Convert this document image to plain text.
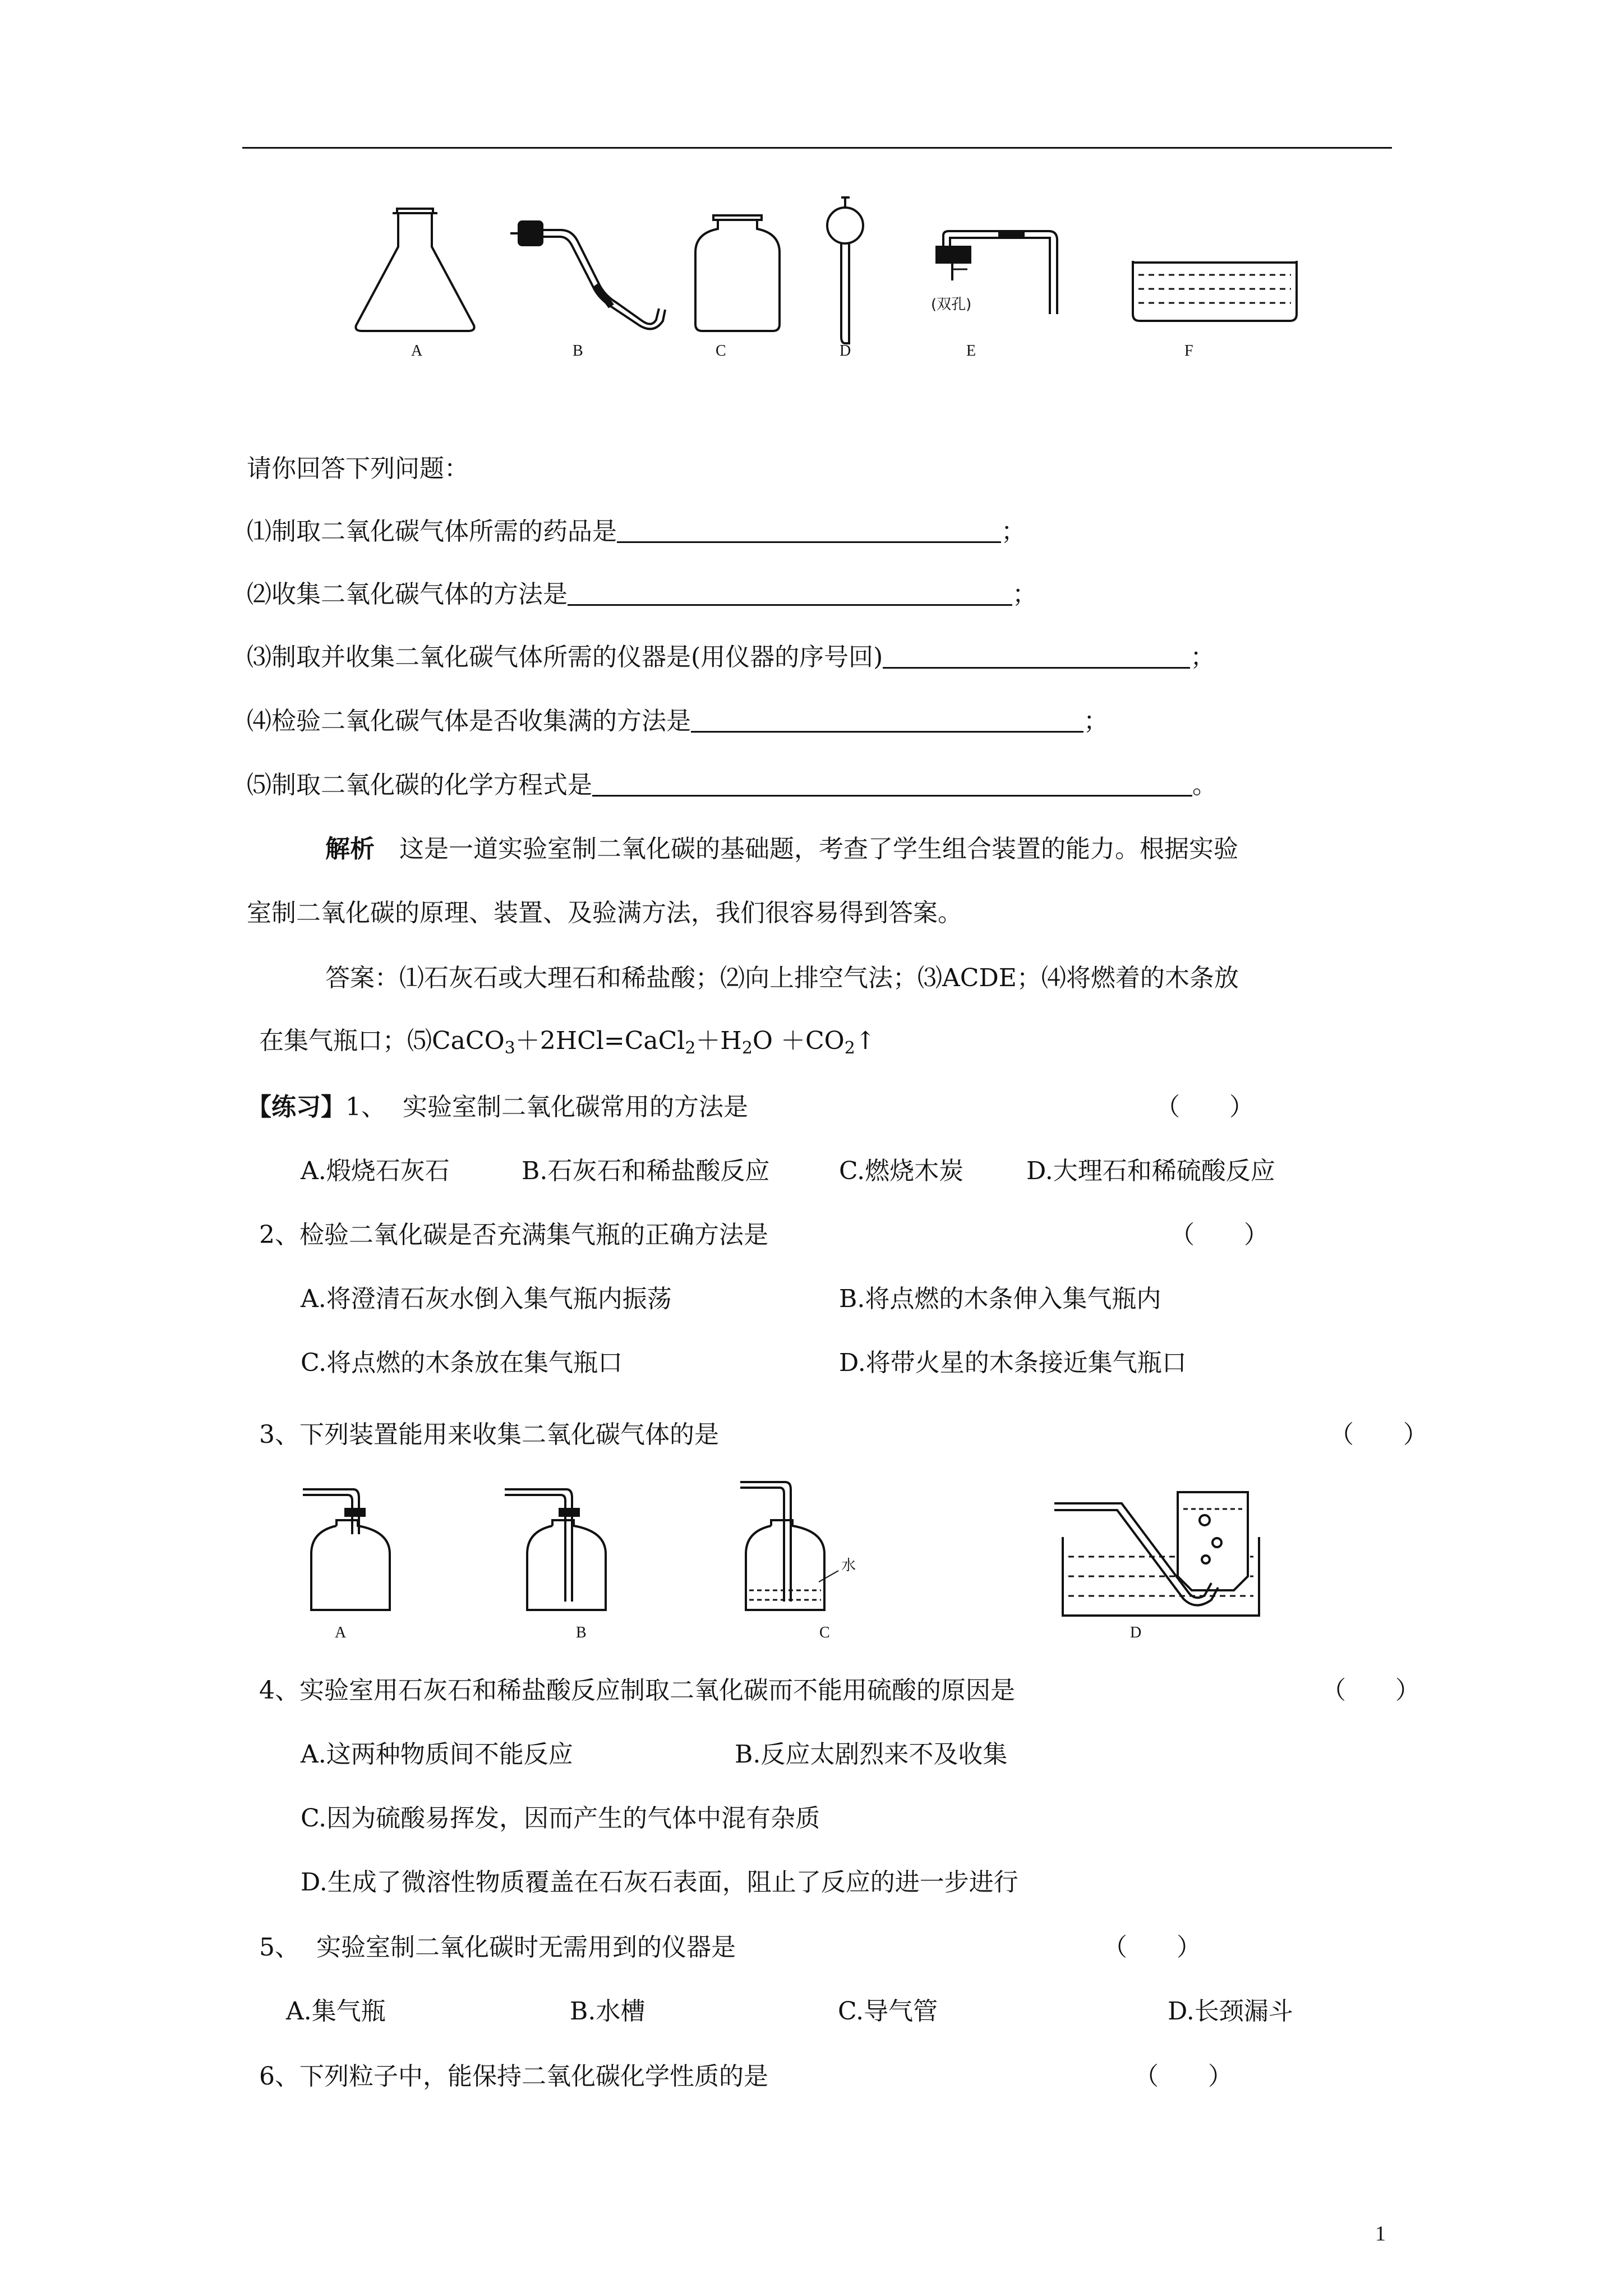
(双孔)
A	B	C	D	E	F
请你回答下列问题：
⑴制取二氧化碳气体所需的药品是	；
⑵收集二氧化碳气体的方法是	；
⑶制取并收集二氧化碳气体所需的仪器是(用仪器的序号回)	；
⑷检验二氧化碳气体是否收集满的方法是	；
⑸制取二氧化碳的化学方程式是	。
解析 这是一道实验室制二氧化碳的基础题，考查了学生组合装置的能力。根据实验
室制二氧化碳的原理、装置、及验满方法，我们很容易得到答案。
答案：⑴石灰石或大理石和稀盐酸；⑵向上排空气法；⑶ACDE；⑷将燃着的木条放
在集气瓶口；$⑸CaCO_3+2HCl=CaCl_2+H_2O$ $+CO_2↑$
【练习】1、 实验室制二氧化碳常用的方法是	（　　）
A.煅烧石灰石	B.石灰石和稀盐酸反应	C.燃烧木炭	D.大理石和稀硫酸反应
2、检验二氧化碳是否充满集气瓶的正确方法是	（　　）
A.将澄清石灰水倒入集气瓶内振荡	B.将点燃的木条伸入集气瓶内
C.将点燃的木条放在集气瓶口	D.将带火星的木条接近集气瓶口
3、下列装置能用来收集二氧化碳气体的是	（　　）
水
A	B	C	D
4、实验室用石灰石和稀盐酸反应制取二氧化碳而不能用硫酸的原因是	（　　）
A.这两种物质间不能反应	B.反应太剧烈来不及收集
C.因为硫酸易挥发，因而产生的气体中混有杂质
D.生成了微溶性物质覆盖在石灰石表面，阻止了反应的进一步进行
5、 实验室制二氧化碳时无需用到的仪器是	（　　）
A.集气瓶	B.水槽	C.导气管	D.长颈漏斗
6、下列粒子中，能保持二氧化碳化学性质的是	（　　）
1
